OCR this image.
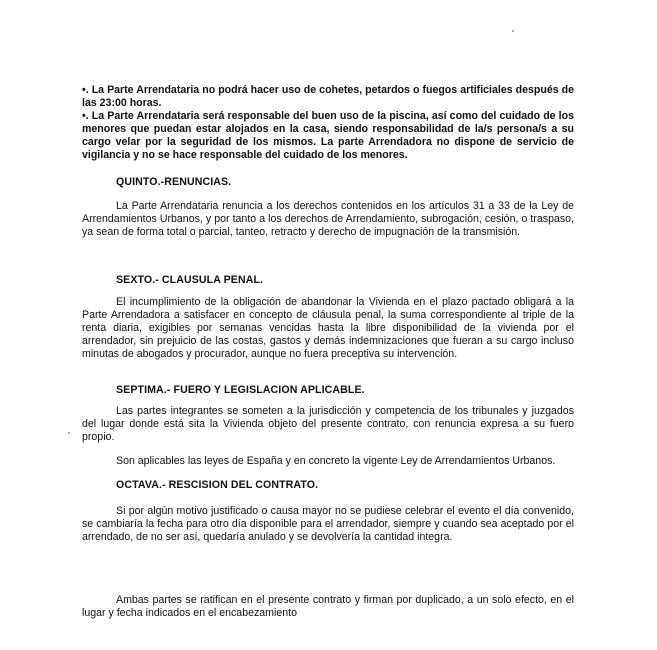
•. La Parte Arrendataria no podrá hacer uso de cohetes, petardos o fuegos artificiales después de las 23:00 horas.

•. La Parte Arrendataria será responsable del buen uso de la piscina, así como del cuidado de los menores que puedan estar alojados en la casa, siendo responsabilidad de la/s persona/s a su cargo velar por la seguridad de los mismos. La parte Arrendadora no dispone de servicio de vigilancia y no se hace responsable del cuidado de los menores.

QUINTO.-RENUNCIAS.

La Parte Arrendataria renuncia a los derechos contenidos en los artículos 31 a 33 de la Ley de Arrendamientos Urbanos, y por tanto a los derechos de Arrendamiento, subrogación, cesión, o traspaso, ya sean de forma total o parcial, tanteo, retracto y derecho de impugnación de la transmisión.

SEXTO.- CLAUSULA PENAL.

El incumplimiento de la obligación de abandonar la Vivienda en el plazo pactado obligará a la Parte Arrendadora a satisfacer en concepto de cláusula penal, la suma correspondiente al triple de la renta diaria, exigibles por semanas vencidas hasta la libre disponibilidad de la vivienda por el arrendador, sin prejuicio de las costas, gastos y demás indemnizaciones que fueran a su cargo incluso minutas de abogados y procurador, aunque no fuera preceptiva su intervención.

SEPTIMA.- FUERO Y LEGISLACION APLICABLE.

Las partes integrantes se someten a la jurisdicción y competencia de los tribunales y juzgados del lugar donde está sita la Vivienda objeto del presente contrato, con renuncia expresa a su fuero propio.

Son aplicables las leyes de España y en concreto la vigente Ley de Arrendamientos Urbanos.

OCTAVA.- RESCISION DEL CONTRATO.

Si por algún motivo justificado o causa mayor no se pudiese celebrar el evento el día convenido, se cambiaría la fecha para otro día disponible para el arrendador, siempre y cuando sea aceptado por el arrendado, de no ser así, quedaría anulado y se devolvería la cantidad integra.

Ambas partes se ratifican en el presente contrato y firman por duplicado, a un solo efecto, en el lugar y fecha indicados en el encabezamiento
